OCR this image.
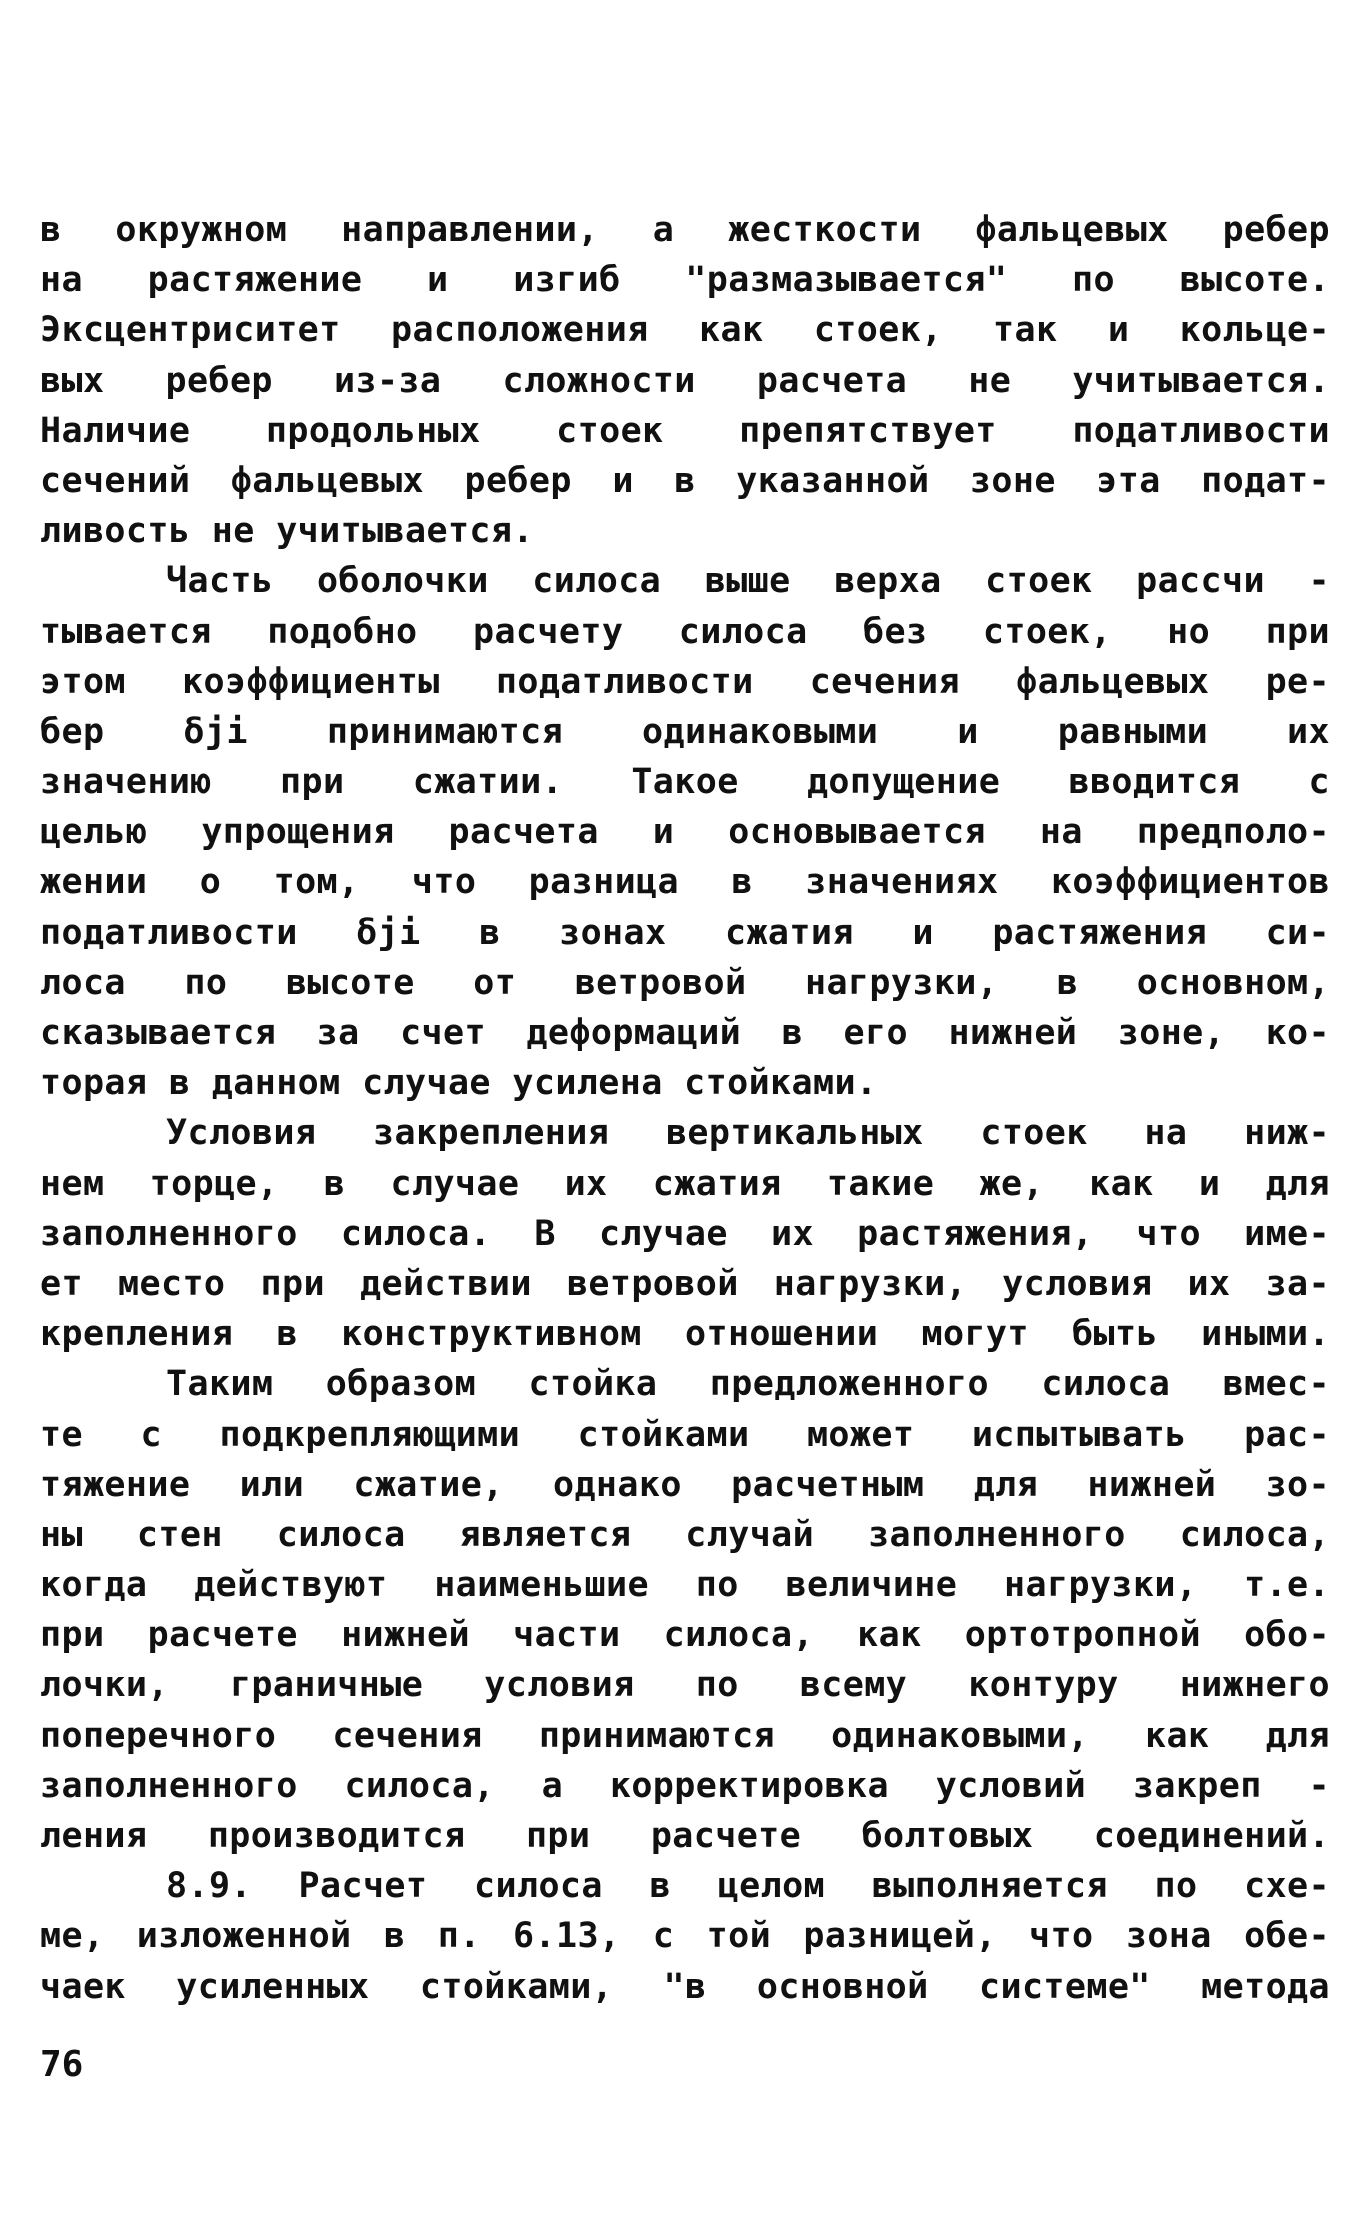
в окружном направлении, а жесткости фальцевых ребер
на растяжение и изгиб "размазывается" по высоте.
Эксцентриситет расположения как стоек, так и кольце-
вых ребер из-за сложности расчета не учитывается.
Наличие продольных стоек препятствует податливости
сечений фальцевых ребер и в указанной зоне эта подат-
ливость не учитывается.
Часть оболочки силоса выше верха стоек рассчи -
тывается подобно расчету силоса без стоек, но при
этом коэффициенты податливости сечения фальцевых ре-
бер δji принимаются одинаковыми и равными их
значению при сжатии. Такое допущение вводится с
целью упрощения расчета и основывается на предполо-
жении о том, что разница в значениях коэффициентов
податливости δji в зонах сжатия и растяжения си-
лоса по высоте от ветровой нагрузки, в основном,
сказывается за счет деформаций в его нижней зоне, ко-
торая в данном случае усилена стойками.
Условия закрепления вертикальных стоек на ниж-
нем торце, в случае их сжатия такие же, как и для
заполненного силоса. В случае их растяжения, что име-
ет место при действии ветровой нагрузки, условия их за-
крепления в конструктивном отношении могут быть иными.
Таким образом стойка предложенного силоса вмес-
те с подкрепляющими стойками может испытывать рас-
тяжение или сжатие, однако расчетным для нижней зо-
ны стен силоса является случай заполненного силоса,
когда действуют наименьшие по величине нагрузки, т.е.
при расчете нижней части силоса, как ортотропной обо-
лочки, граничные условия по всему контуру нижнего
поперечного сечения принимаются одинаковыми, как для
заполненного силоса, а корректировка условий закреп -
ления производится при расчете болтовых соединений.
8.9. Расчет силоса в целом выполняется по схе-
ме, изложенной в п. 6.13, с той разницей, что зона обе-
чаек усиленных стойками, "в основной системе" метода
76
